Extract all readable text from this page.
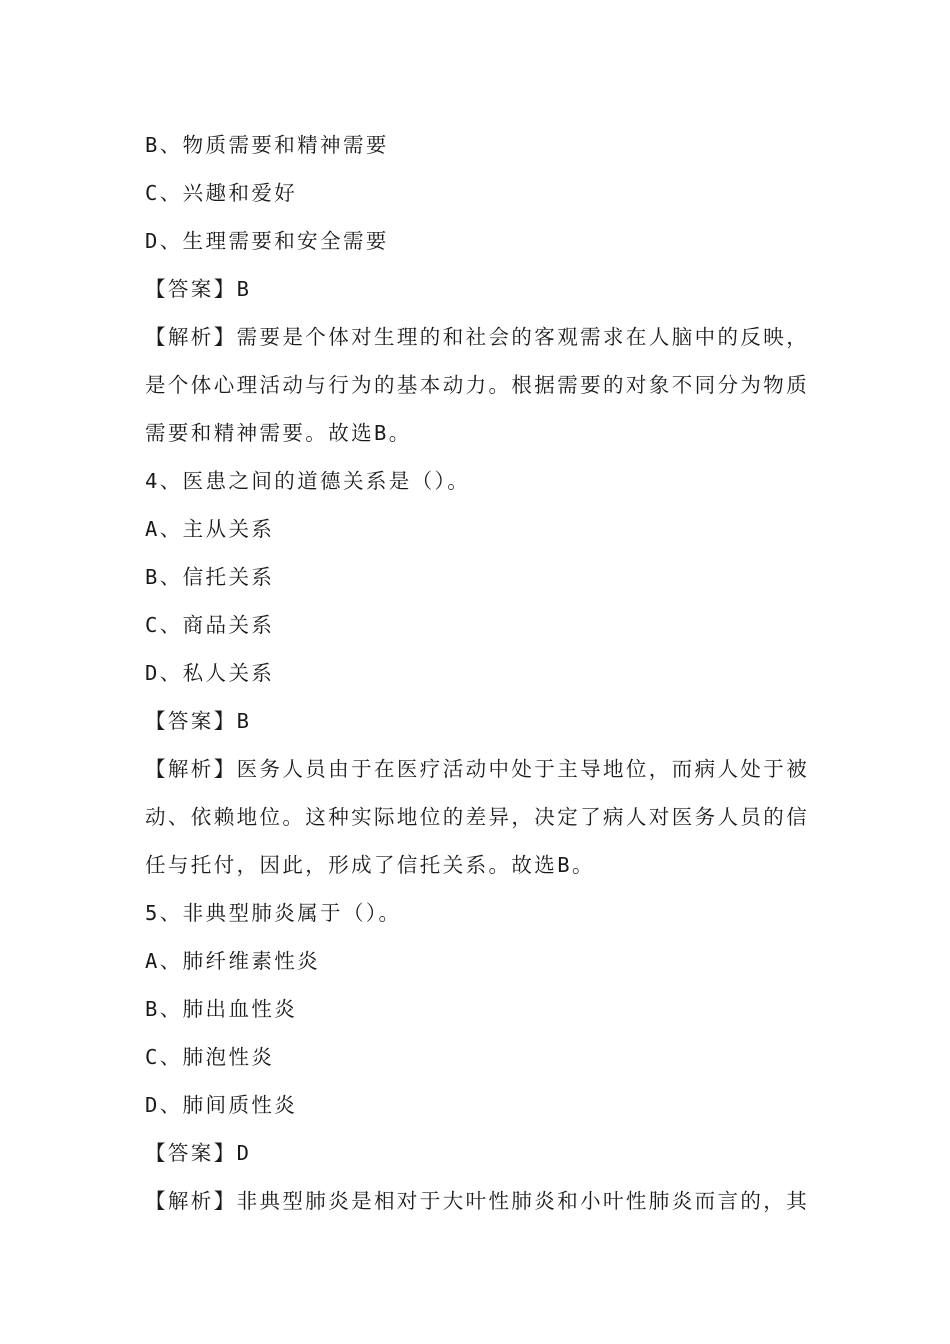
B、物质需要和精神需要
C、兴趣和爱好
D、生理需要和安全需要
【答案】B
【解析】需要是个体对生理的和社会的客观需求在人脑中的反映，
是个体心理活动与行为的基本动力。根据需要的对象不同分为物质
需要和精神需要。故选B。
4、医患之间的道德关系是（）。
A、主从关系
B、信托关系
C、商品关系
D、私人关系
【答案】B
【解析】医务人员由于在医疗活动中处于主导地位，而病人处于被
动、依赖地位。这种实际地位的差异，决定了病人对医务人员的信
任与托付，因此，形成了信托关系。故选B。
5、非典型肺炎属于（）。
A、肺纤维素性炎
B、肺出血性炎
C、肺泡性炎
D、肺间质性炎
【答案】D
【解析】非典型肺炎是相对于大叶性肺炎和小叶性肺炎而言的，其
